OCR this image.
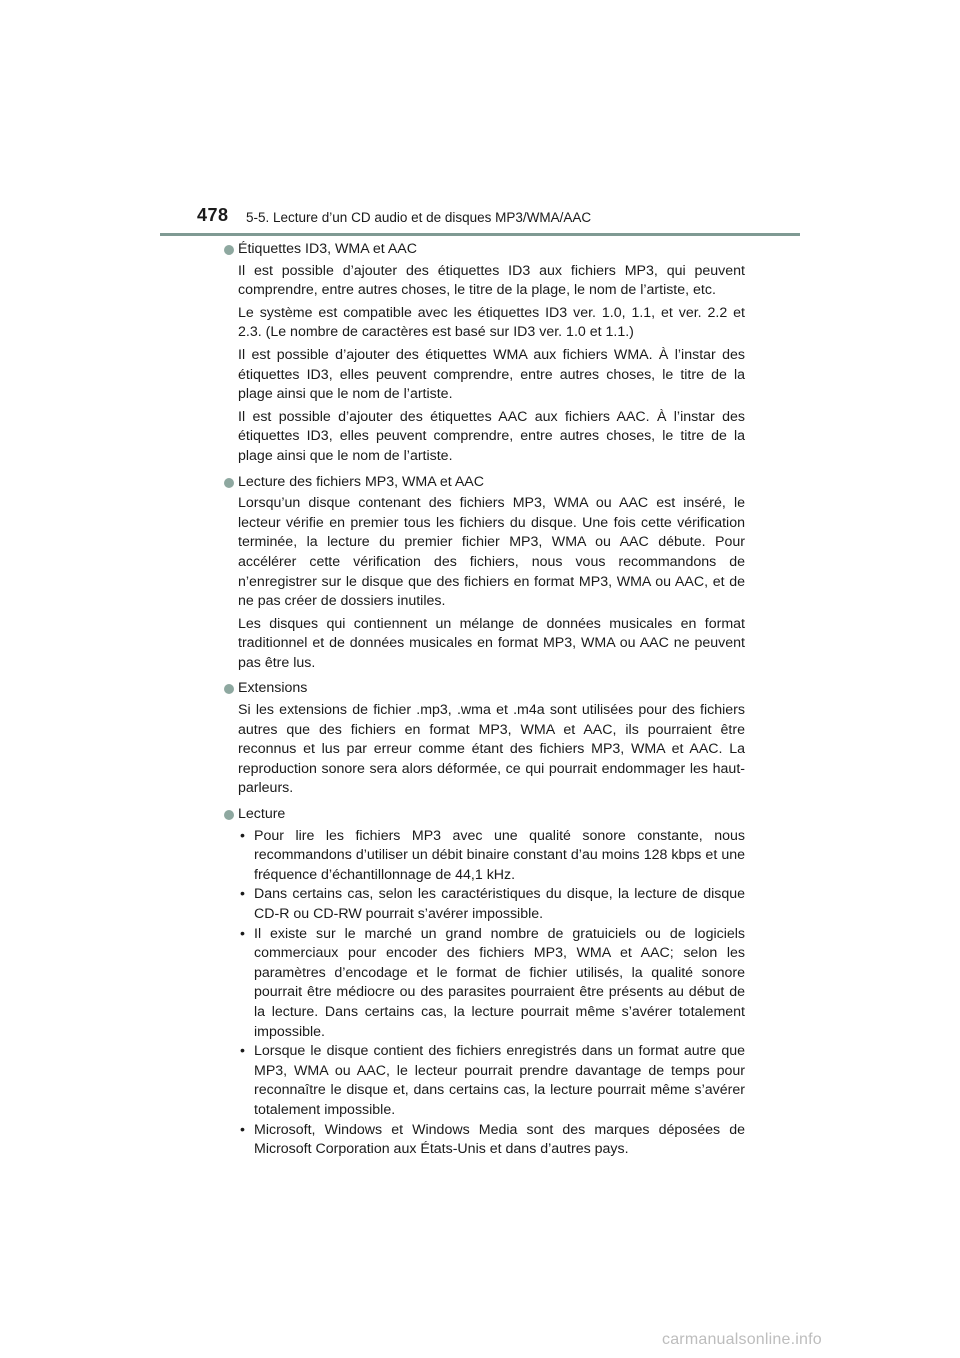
478 5-5. Lecture d’un CD audio et de disques MP3/WMA/AAC
Étiquettes ID3, WMA et AAC

Il est possible d’ajouter des étiquettes ID3 aux fichiers MP3, qui peuvent comprendre, entre autres choses, le titre de la plage, le nom de l’artiste, etc.

Le système est compatible avec les étiquettes ID3 ver. 1.0, 1.1, et ver. 2.2 et 2.3. (Le nombre de caractères est basé sur ID3 ver. 1.0 et 1.1.)

Il est possible d’ajouter des étiquettes WMA aux fichiers WMA. À l’instar des étiquettes ID3, elles peuvent comprendre, entre autres choses, le titre de la plage ainsi que le nom de l’artiste.

Il est possible d’ajouter des étiquettes AAC aux fichiers AAC. À l’instar des étiquettes ID3, elles peuvent comprendre, entre autres choses, le titre de la plage ainsi que le nom de l’artiste.

Lecture des fichiers MP3, WMA et AAC

Lorsqu’un disque contenant des fichiers MP3, WMA ou AAC est inséré, le lecteur vérifie en premier tous les fichiers du disque. Une fois cette vérification terminée, la lecture du premier fichier MP3, WMA ou AAC débute. Pour accélérer cette vérification des fichiers, nous vous recommandons de n’enregistrer sur le disque que des fichiers en format MP3, WMA ou AAC, et de ne pas créer de dossiers inutiles.

Les disques qui contiennent un mélange de données musicales en format traditionnel et de données musicales en format MP3, WMA ou AAC ne peuvent pas être lus.

Extensions

Si les extensions de fichier .mp3, .wma et .m4a sont utilisées pour des fichiers autres que des fichiers en format MP3, WMA et AAC, ils pourraient être reconnus et lus par erreur comme étant des fichiers MP3, WMA et AAC. La reproduction sonore sera alors déformée, ce qui pourrait endommager les haut-parleurs.

Lecture
• Pour lire les fichiers MP3 avec une qualité sonore constante, nous recommandons d’utiliser un débit binaire constant d’au moins 128 kbps et une fréquence d’échantillonnage de 44,1 kHz.
• Dans certains cas, selon les caractéristiques du disque, la lecture de disque CD-R ou CD-RW pourrait s’avérer impossible.
• Il existe sur le marché un grand nombre de gratuiciels ou de logiciels commerciaux pour encoder des fichiers MP3, WMA et AAC; selon les paramètres d’encodage et le format de fichier utilisés, la qualité sonore pourrait être médiocre ou des parasites pourraient être présents au début de la lecture. Dans certains cas, la lecture pourrait même s’avérer totalement impossible.
• Lorsque le disque contient des fichiers enregistrés dans un format autre que MP3, WMA ou AAC, le lecteur pourrait prendre davantage de temps pour reconnaître le disque et, dans certains cas, la lecture pourrait même s’avérer totalement impossible.
• Microsoft, Windows et Windows Media sont des marques déposées de Microsoft Corporation aux États-Unis et dans d’autres pays.
carmanualsonline.info
